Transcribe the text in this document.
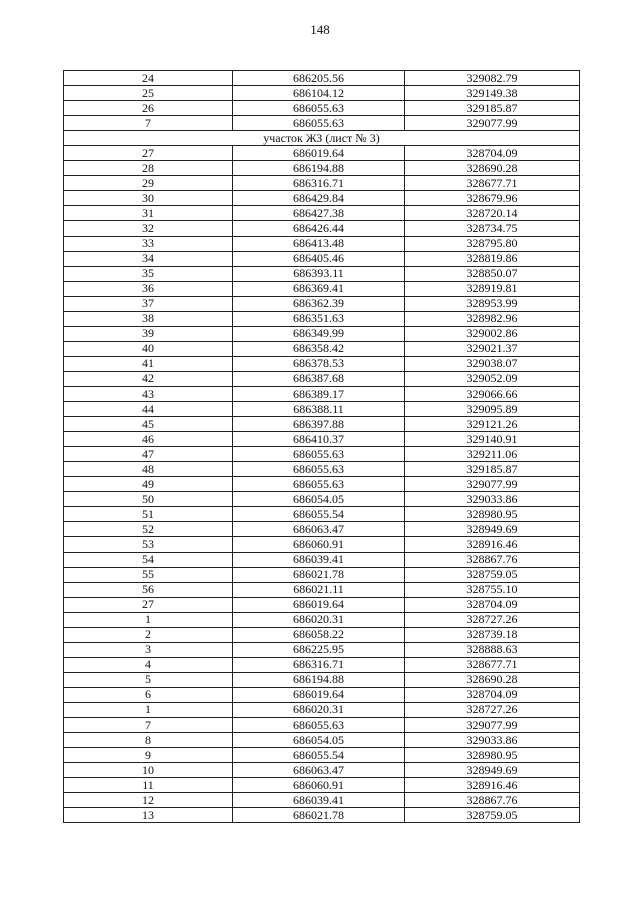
148
24	686205.56	329082.79
25	686104.12	329149.38
26	686055.63	329185.87
7	686055.63	329077.99
участок ЖЗ (лист № 3)		
27	686019.64	328704.09
28	686194.88	328690.28
29	686316.71	328677.71
30	686429.84	328679.96
31	686427.38	328720.14
32	686426.44	328734.75
33	686413.48	328795.80
34	686405.46	328819.86
35	686393.11	328850.07
36	686369.41	328919.81
37	686362.39	328953.99
38	686351.63	328982.96
39	686349.99	329002.86
40	686358.42	329021.37
41	686378.53	329038.07
42	686387.68	329052.09
43	686389.17	329066.66
44	686388.11	329095.89
45	686397.88	329121.26
46	686410.37	329140.91
47	686055.63	329211.06
48	686055.63	329185.87
49	686055.63	329077.99
50	686054.05	329033.86
51	686055.54	328980.95
52	686063.47	328949.69
53	686060.91	328916.46
54	686039.41	328867.76
55	686021.78	328759.05
56	686021.11	328755.10
27	686019.64	328704.09
1	686020.31	328727.26
2	686058.22	328739.18
3	686225.95	328888.63
4	686316.71	328677.71
5	686194.88	328690.28
6	686019.64	328704.09
1	686020.31	328727.26
7	686055.63	329077.99
8	686054.05	329033.86
9	686055.54	328980.95
10	686063.47	328949.69
11	686060.91	328916.46
12	686039.41	328867.76
13	686021.78	328759.05
